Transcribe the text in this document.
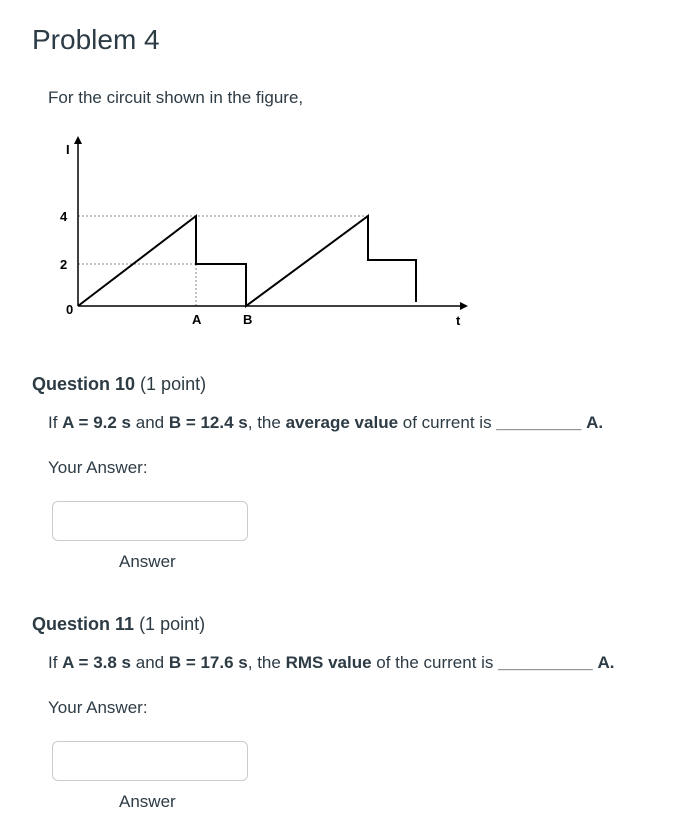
Problem 4
For the circuit shown in the figure,
I
4
2
0
A	B	t
Question 10 (1 point)
If A = 9.2 s and B = 12.4 s, the average value of current is _________ A.
Your Answer:
Answer
Question 11 (1 point)
If A = 3.8 s and B = 17.6 s, the RMS value of the current is __________ A.
Your Answer:
Answer
